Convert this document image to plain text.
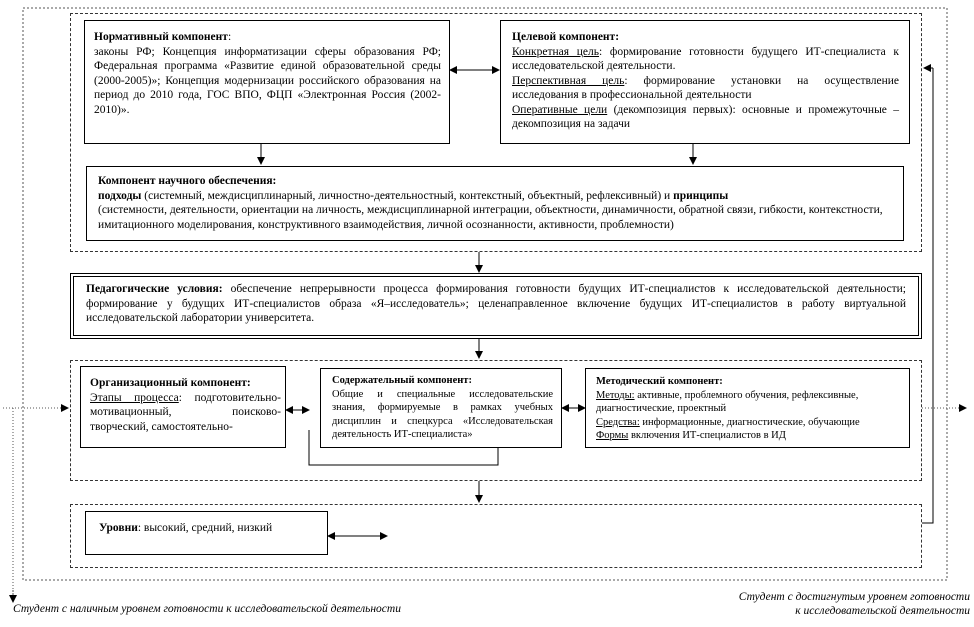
Нормативный компонент:
законы РФ; Концепция информатизации сферы образования РФ; Федеральная программа «Развитие единой образовательной среды (2000-2005)»; Концепция модернизации российского образования на период до 2010 года, ГОС ВПО, ФЦП «Электронная Россия (2002-2010)».
Целевой компонент:
Конкретная цель: формирование готовности будущего ИТ-специалиста к исследовательской деятельности.
Перспективная цель: формирование установки на осуществление исследования в профессиональной деятельности
Оперативные цели (декомпозиция первых): основные и промежуточные – декомпозиция на задачи
Компонент научного обеспечения:
подходы (системный, междисциплинарный, личностно-деятельностный, контекстный, объектный, рефлексивный) и принципы
(системности, деятельности, ориентации на личность, междисциплинарной интеграции, объектности, динамичности, обратной связи, гибкости, контекстности, имитационного моделирования, конструктивного взаимодействия, личной осознанности, активности, проблемности)
Педагогические условия: обеспечение непрерывности процесса формирования готовности будущих ИТ-специалистов к исследовательской деятельности; формирование у будущих ИТ-специалистов образа «Я–исследователь»; целенаправленное включение будущих ИТ-специалистов в работу виртуальной исследовательской лаборатории университета.
Организационный компонент:
Этапы процесса: подготовительно-мотивационный, поисково-творческий, самостоятельно-
Содержательный компонент:
Общие и специальные исследовательские знания, формируемые в рамках учебных дисциплин и спецкурса «Исследовательская деятельность ИТ-специалиста»
Методический компонент:
Методы: активные, проблемного обучения, рефлексивные, диагностические, проектный
Средства: информационные, диагностические, обучающие
Формы включения ИТ-специалистов в ИД
Уровни: высокий, средний, низкий
Студент с наличным уровнем готовности к исследовательской деятельности
Студент с достигнутым уровнем готовности
к исследовательской деятельности
